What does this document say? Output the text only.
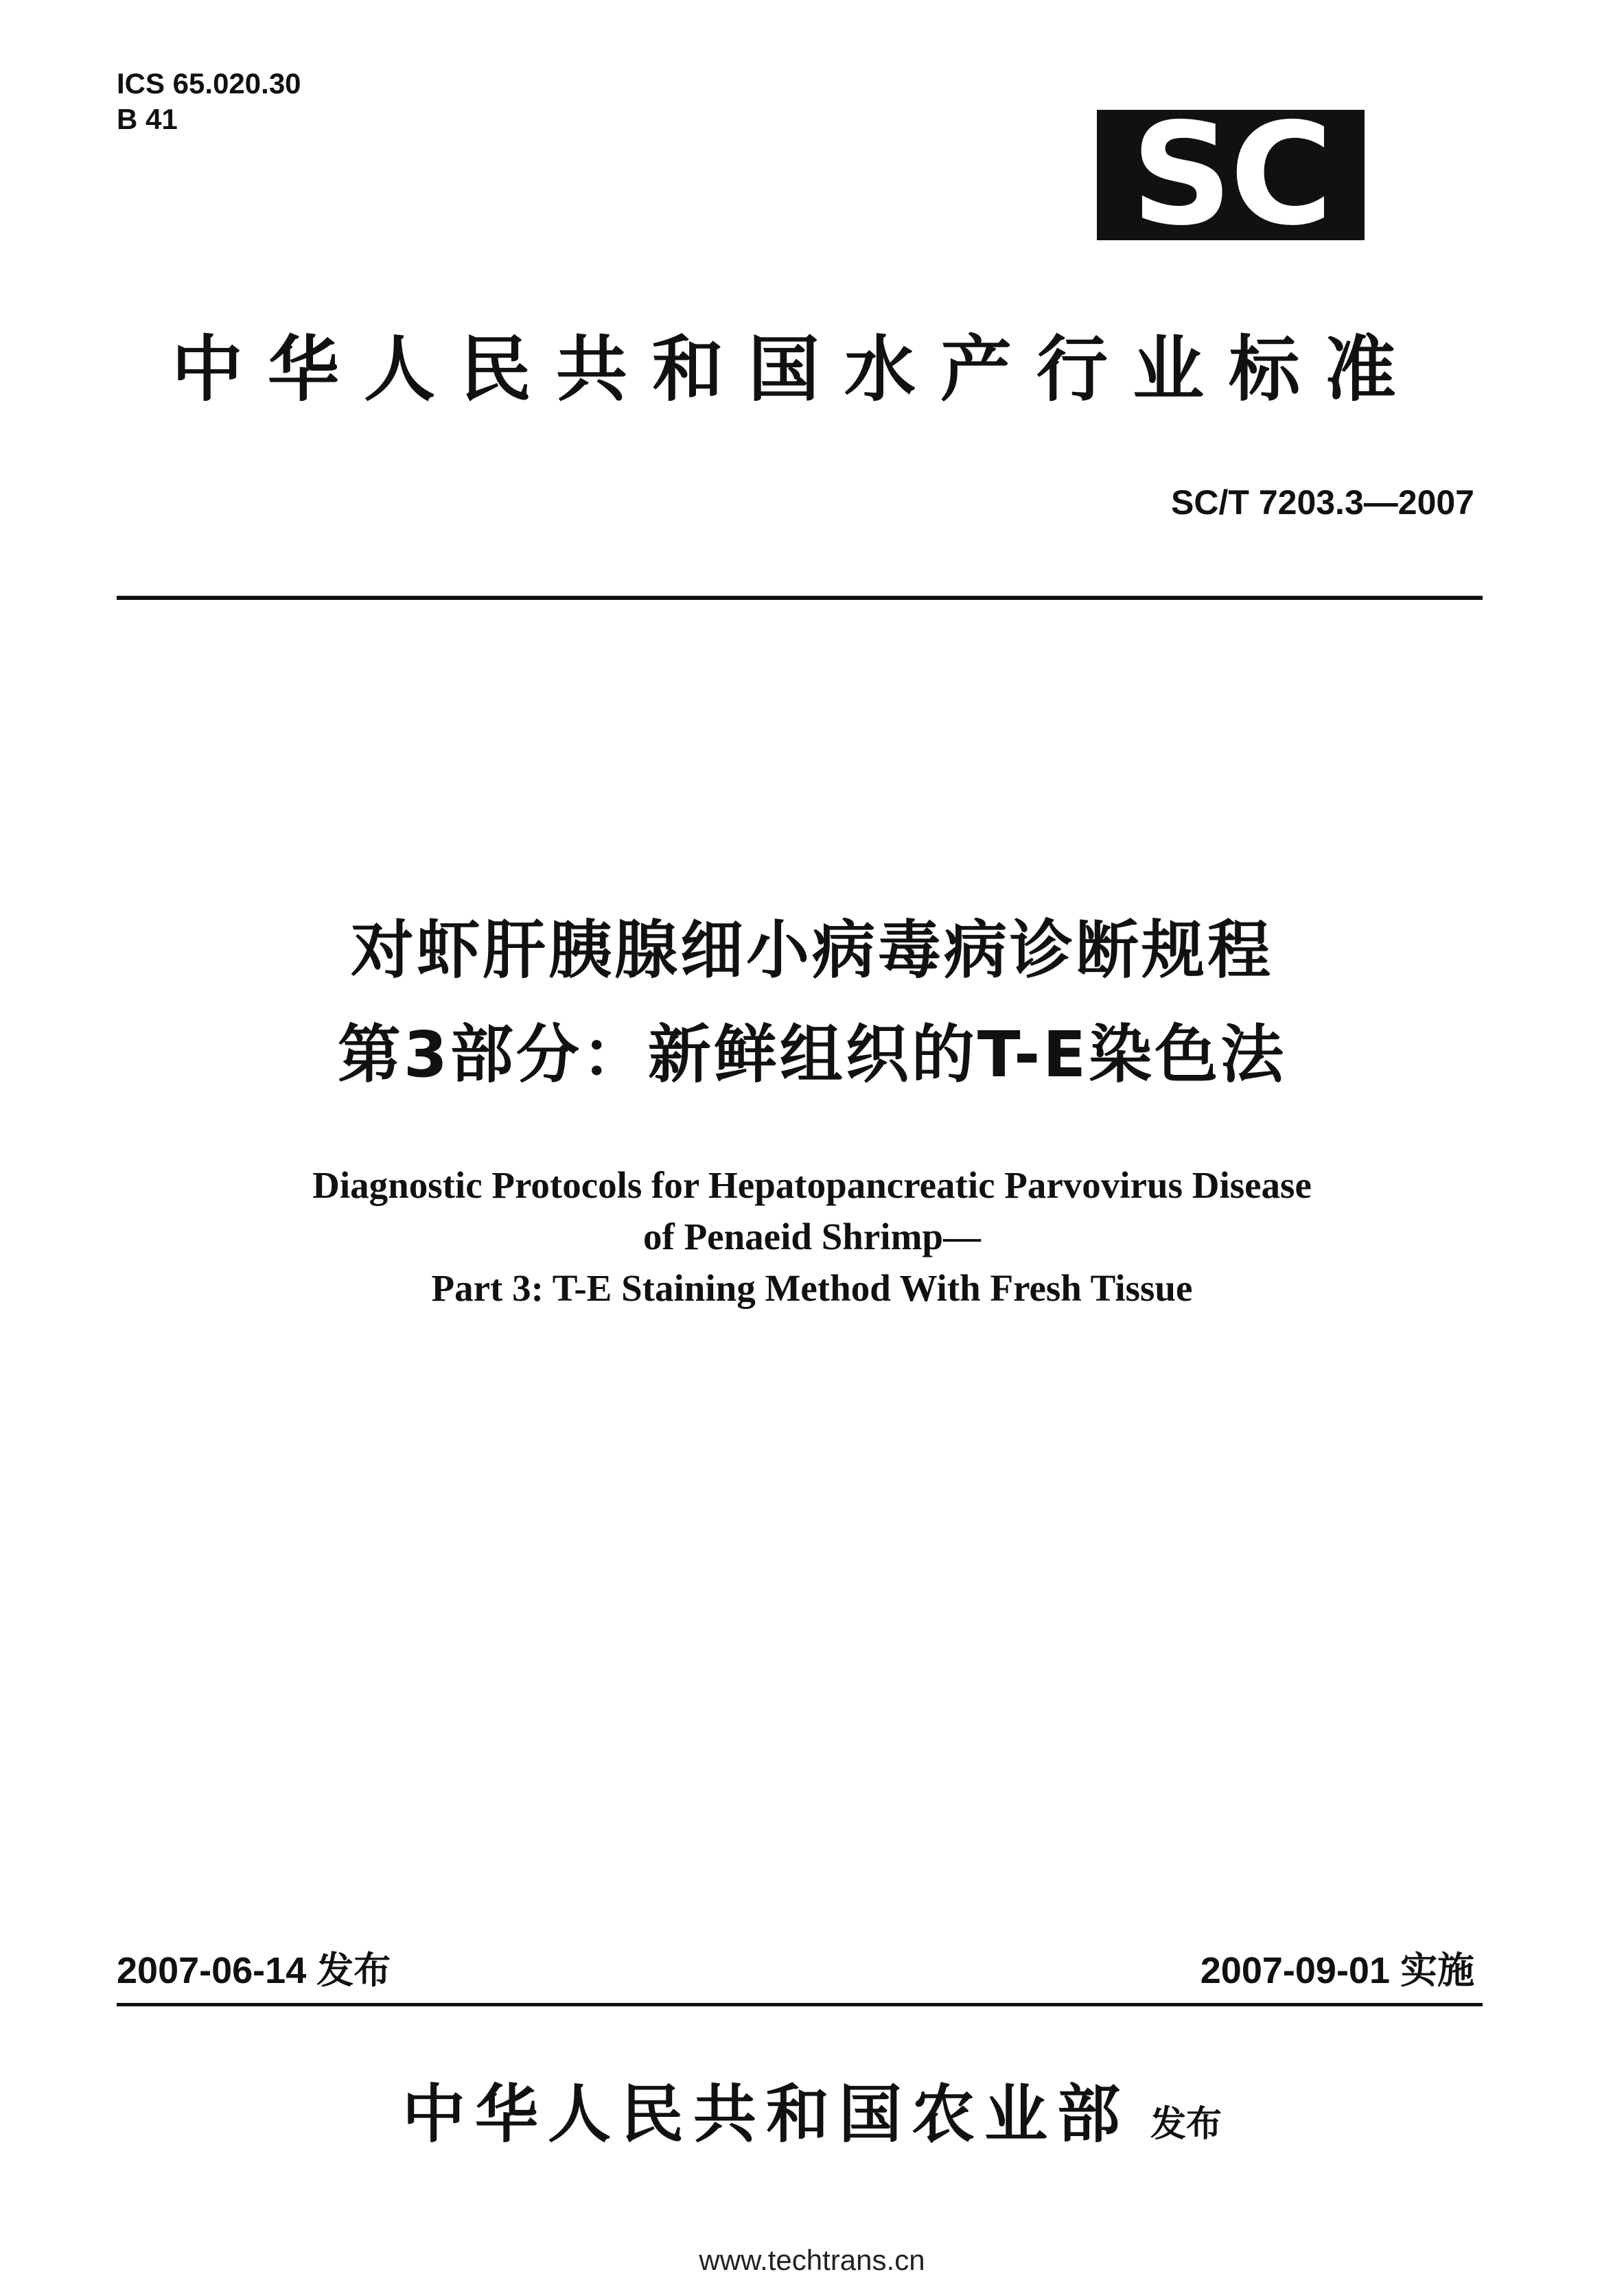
ICS 65.020.30
B 41	SC
中华人民共和国水产行业标准
SC/T 7203.3—2007
对虾肝胰腺细小病毒病诊断规程
第3部分：新鲜组织的T-E染色法
Diagnostic Protocols for Hepatopancreatic Parvovirus Disease
of Penaeid Shrimp—
Part 3: T-E Staining Method With Fresh Tissue
2007-06-14 发布	2007-09-01 实施
中华人民共和国农业部 发布
www.techtrans.cn
